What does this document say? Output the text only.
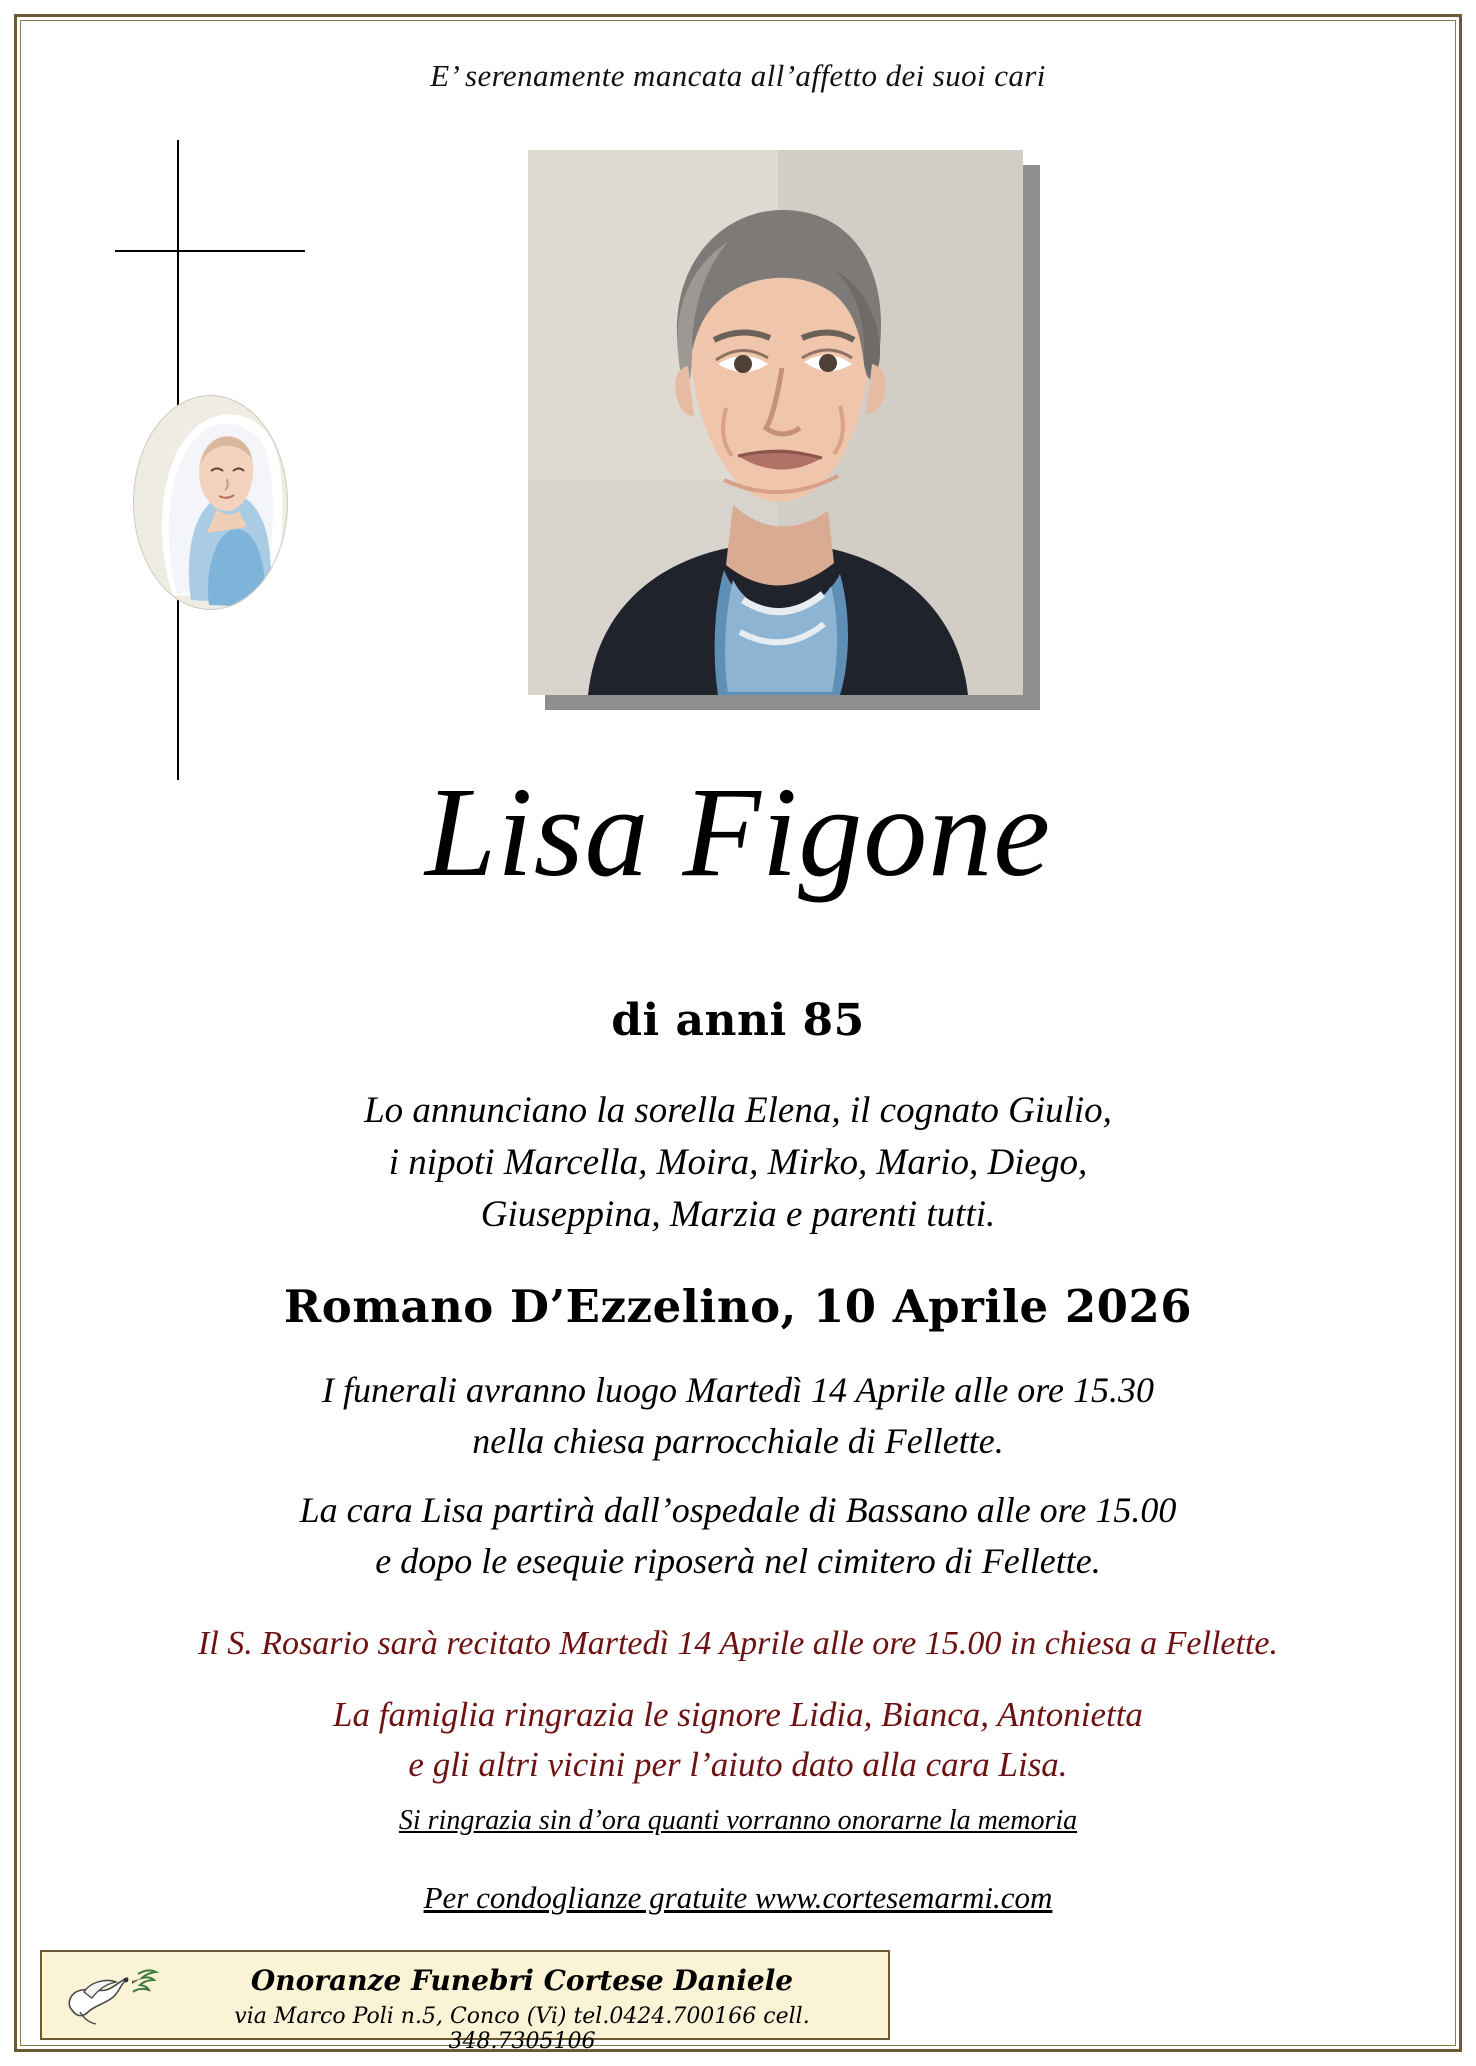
E’ serenamente mancata all’affetto dei suoi cari
Lisa Figone
di anni 85
Lo annunciano la sorella Elena, il cognato Giulio,
i nipoti Marcella, Moira, Mirko, Mario, Diego,
Giuseppina, Marzia e parenti tutti.
Romano D’Ezzelino, 10 Aprile 2026
I funerali avranno luogo Martedì 14 Aprile alle ore 15.30
nella chiesa parrocchiale di Fellette.
La cara Lisa partirà dall’ospedale di Bassano alle ore 15.00
e dopo le esequie riposerà nel cimitero di Fellette.
Il S. Rosario sarà recitato Martedì 14 Aprile alle ore 15.00 in chiesa a Fellette.
La famiglia ringrazia le signore Lidia, Bianca, Antonietta
e gli altri vicini per l’aiuto dato alla cara Lisa.
Si ringrazia sin d’ora quanti vorranno onorarne la memoria
Per condoglianze gratuite www.cortesemarmi.com
Onoranze Funebri Cortese Daniele
via Marco Poli n.5, Conco (Vi) tel.0424.700166 cell. 348.7305106
